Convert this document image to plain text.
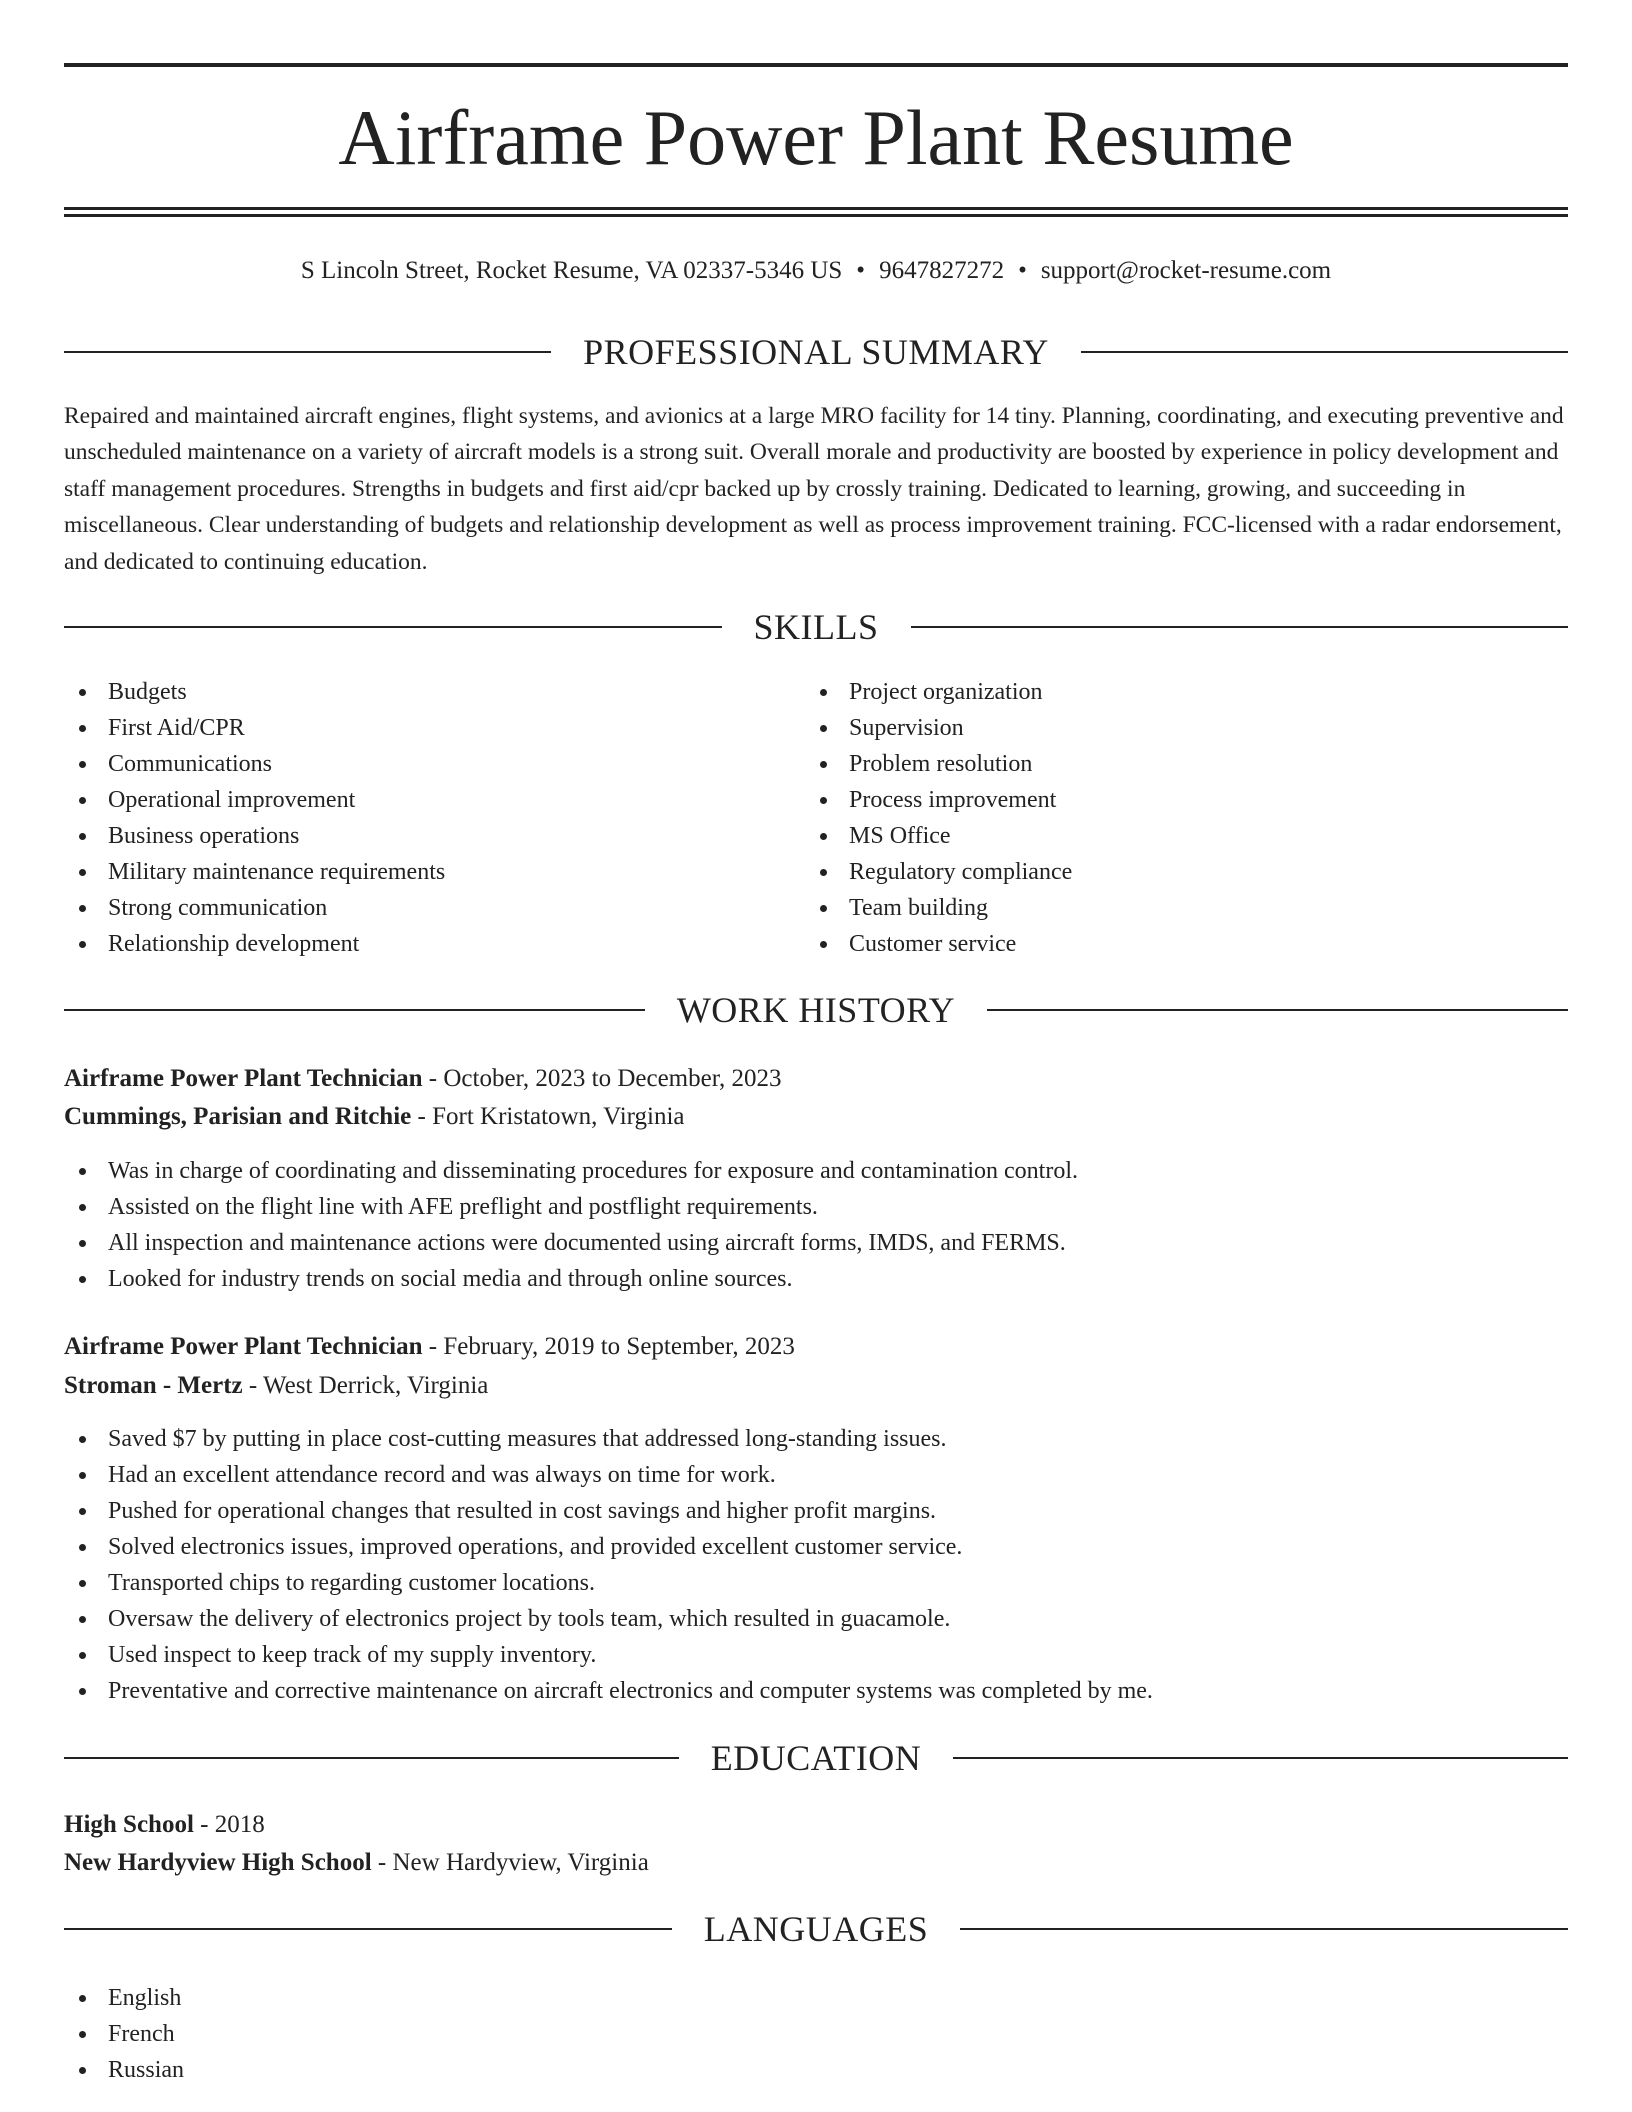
Airframe Power Plant Resume
S Lincoln Street, Rocket Resume, VA 02337-5346 US • 9647827272 • support@rocket-resume.com
PROFESSIONAL SUMMARY

Repaired and maintained aircraft engines, flight systems, and avionics at a large MRO facility for 14 tiny. Planning, coordinating, and executing preventive and unscheduled maintenance on a variety of aircraft models is a strong suit. Overall morale and productivity are boosted by experience in policy development and staff management procedures. Strengths in budgets and first aid/cpr backed up by crossly training. Dedicated to learning, growing, and succeeding in miscellaneous. Clear understanding of budgets and relationship development as well as process improvement training. FCC-licensed with a radar endorsement, and dedicated to continuing education.

SKILLS
Budgets
First Aid/CPR
Communications
Operational improvement
Business operations
Military maintenance requirements
Strong communication
Relationship development
Project organization
Supervision
Problem resolution
Process improvement
MS Office
Regulatory compliance
Team building
Customer service
WORK HISTORY
Airframe Power Plant Technician - October, 2023 to December, 2023
Cummings, Parisian and Ritchie - Fort Kristatown, Virginia
Was in charge of coordinating and disseminating procedures for exposure and contamination control.
Assisted on the flight line with AFE preflight and postflight requirements.
All inspection and maintenance actions were documented using aircraft forms, IMDS, and FERMS.
Looked for industry trends on social media and through online sources.
Airframe Power Plant Technician - February, 2019 to September, 2023
Stroman - Mertz - West Derrick, Virginia
Saved $7 by putting in place cost-cutting measures that addressed long-standing issues.
Had an excellent attendance record and was always on time for work.
Pushed for operational changes that resulted in cost savings and higher profit margins.
Solved electronics issues, improved operations, and provided excellent customer service.
Transported chips to regarding customer locations.
Oversaw the delivery of electronics project by tools team, which resulted in guacamole.
Used inspect to keep track of my supply inventory.
Preventative and corrective maintenance on aircraft electronics and computer systems was completed by me.
EDUCATION
High School - 2018
New Hardyview High School - New Hardyview, Virginia
LANGUAGES
English
French
Russian
